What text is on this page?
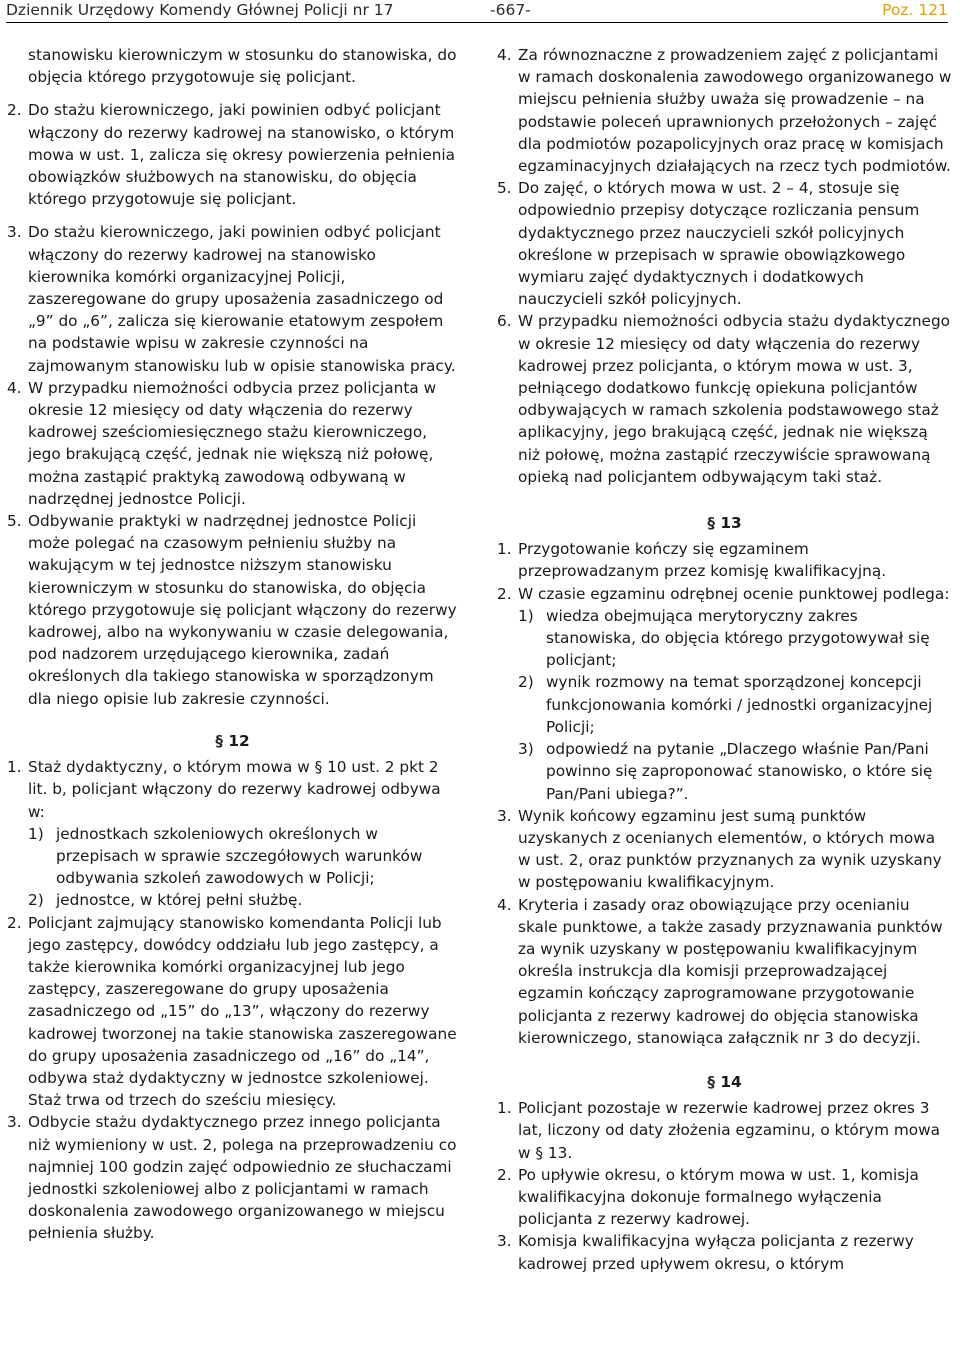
Dziennik Urzędowy Komendy Głównej Policji nr 17	-667-	Poz. 121
stanowisku kierowniczym w stosunku do stanowiska, do objęcia którego przygotowuje się policjant.
2. Do stażu kierowniczego, jaki powinien odbyć policjant włączony do rezerwy kadrowej na stanowisko, o którym mowa w ust. 1, zalicza się okresy powierzenia pełnienia obowiązków służbowych na stanowisku, do objęcia którego przygotowuje się policjant.
3. Do stażu kierowniczego, jaki powinien odbyć policjant włączony do rezerwy kadrowej na stanowisko kierownika komórki organizacyjnej Policji, zaszeregowane do grupy uposażenia zasadniczego od „9” do „6”, zalicza się kierowanie etatowym zespołem na podstawie wpisu w zakresie czynności na zajmowanym stanowisku lub w opisie stanowiska pracy.
4. W przypadku niemożności odbycia przez policjanta w okresie 12 miesięcy od daty włączenia do rezerwy kadrowej sześciomiesięcznego stażu kierowniczego, jego brakującą część, jednak nie większą niż połowę, można zastąpić praktyką zawodową odbywaną w nadrzędnej jednostce Policji.
5. Odbywanie praktyki w nadrzędnej jednostce Policji może polegać na czasowym pełnieniu służby na wakującym w tej jednostce niższym stanowisku kierowniczym w stosunku do stanowiska, do objęcia którego przygotowuje się policjant włączony do rezerwy kadrowej, albo na wykonywaniu w czasie delegowania, pod nadzorem urzędującego kierownika, zadań określonych dla takiego stanowiska w sporządzonym dla niego opisie lub zakresie czynności.
§ 12
1. Staż dydaktyczny, o którym mowa w § 10 ust. 2 pkt 2 lit. b, policjant włączony do rezerwy kadrowej odbywa w:
1) jednostkach szkoleniowych określonych w przepisach w sprawie szczegółowych warunków odbywania szkoleń zawodowych w Policji;
2) jednostce, w której pełni służbę.
2. Policjant zajmujący stanowisko komendanta Policji lub jego zastępcy, dowódcy oddziału lub jego zastępcy, a także kierownika komórki organizacyjnej lub jego zastępcy, zaszeregowane do grupy uposażenia zasadniczego od „15” do „13”, włączony do rezerwy kadrowej tworzonej na takie stanowiska zaszeregowane do grupy uposażenia zasadniczego od „16” do „14”, odbywa staż dydaktyczny w jednostce szkoleniowej. Staż trwa od trzech do sześciu miesięcy.
3. Odbycie stażu dydaktycznego przez innego policjanta niż wymieniony w ust. 2, polega na przeprowadzeniu co najmniej 100 godzin zajęć odpowiednio ze słuchaczami jednostki szkoleniowej albo z policjantami w ramach doskonalenia zawodowego organizowanego w miejscu pełnienia służby.
4. Za równoznaczne z prowadzeniem zajęć z policjantami w ramach doskonalenia zawodowego organizowanego w miejscu pełnienia służby uważa się prowadzenie – na podstawie poleceń uprawnionych przełożonych – zajęć dla podmiotów pozapolicyjnych oraz pracę w komisjach egzaminacyjnych działających na rzecz tych podmiotów.
5. Do zajęć, o których mowa w ust. 2 – 4, stosuje się odpowiednio przepisy dotyczące rozliczania pensum dydaktycznego przez nauczycieli szkół policyjnych określone w przepisach w sprawie obowiązkowego wymiaru zajęć dydaktycznych i dodatkowych nauczycieli szkół policyjnych.
6. W przypadku niemożności odbycia stażu dydaktycznego w okresie 12 miesięcy od daty włączenia do rezerwy kadrowej przez policjanta, o którym mowa w ust. 3, pełniącego dodatkowo funkcję opiekuna policjantów odbywających w ramach szkolenia podstawowego staż aplikacyjny, jego brakującą część, jednak nie większą niż połowę, można zastąpić rzeczywiście sprawowaną opieką nad policjantem odbywającym taki staż.
§ 13
1. Przygotowanie kończy się egzaminem przeprowadzanym przez komisję kwalifikacyjną.
2. W czasie egzaminu odrębnej ocenie punktowej podlega:
1) wiedza obejmująca merytoryczny zakres stanowiska, do objęcia którego przygotowywał się policjant;
2) wynik rozmowy na temat sporządzonej koncepcji funkcjonowania komórki / jednostki organizacyjnej Policji;
3) odpowiedź na pytanie „Dlaczego właśnie Pan/Pani powinno się zaproponować stanowisko, o które się Pan/Pani ubiega?”.
3. Wynik końcowy egzaminu jest sumą punktów uzyskanych z ocenianych elementów, o których mowa w ust. 2, oraz punktów przyznanych za wynik uzyskany w postępowaniu kwalifikacyjnym.
4. Kryteria i zasady oraz obowiązujące przy ocenianiu skale punktowe, a także zasady przyznawania punktów za wynik uzyskany w postępowaniu kwalifikacyjnym określa instrukcja dla komisji przeprowadzającej egzamin kończący zaprogramowane przygotowanie policjanta z rezerwy kadrowej do objęcia stanowiska kierowniczego, stanowiąca załącznik nr 3 do decyzji.
§ 14
1. Policjant pozostaje w rezerwie kadrowej przez okres 3 lat, liczony od daty złożenia egzaminu, o którym mowa w § 13.
2. Po upływie okresu, o którym mowa w ust. 1, komisja kwalifikacyjna dokonuje formalnego wyłączenia policjanta z rezerwy kadrowej.
3. Komisja kwalifikacyjna wyłącza policjanta z rezerwy kadrowej przed upływem okresu, o którym
